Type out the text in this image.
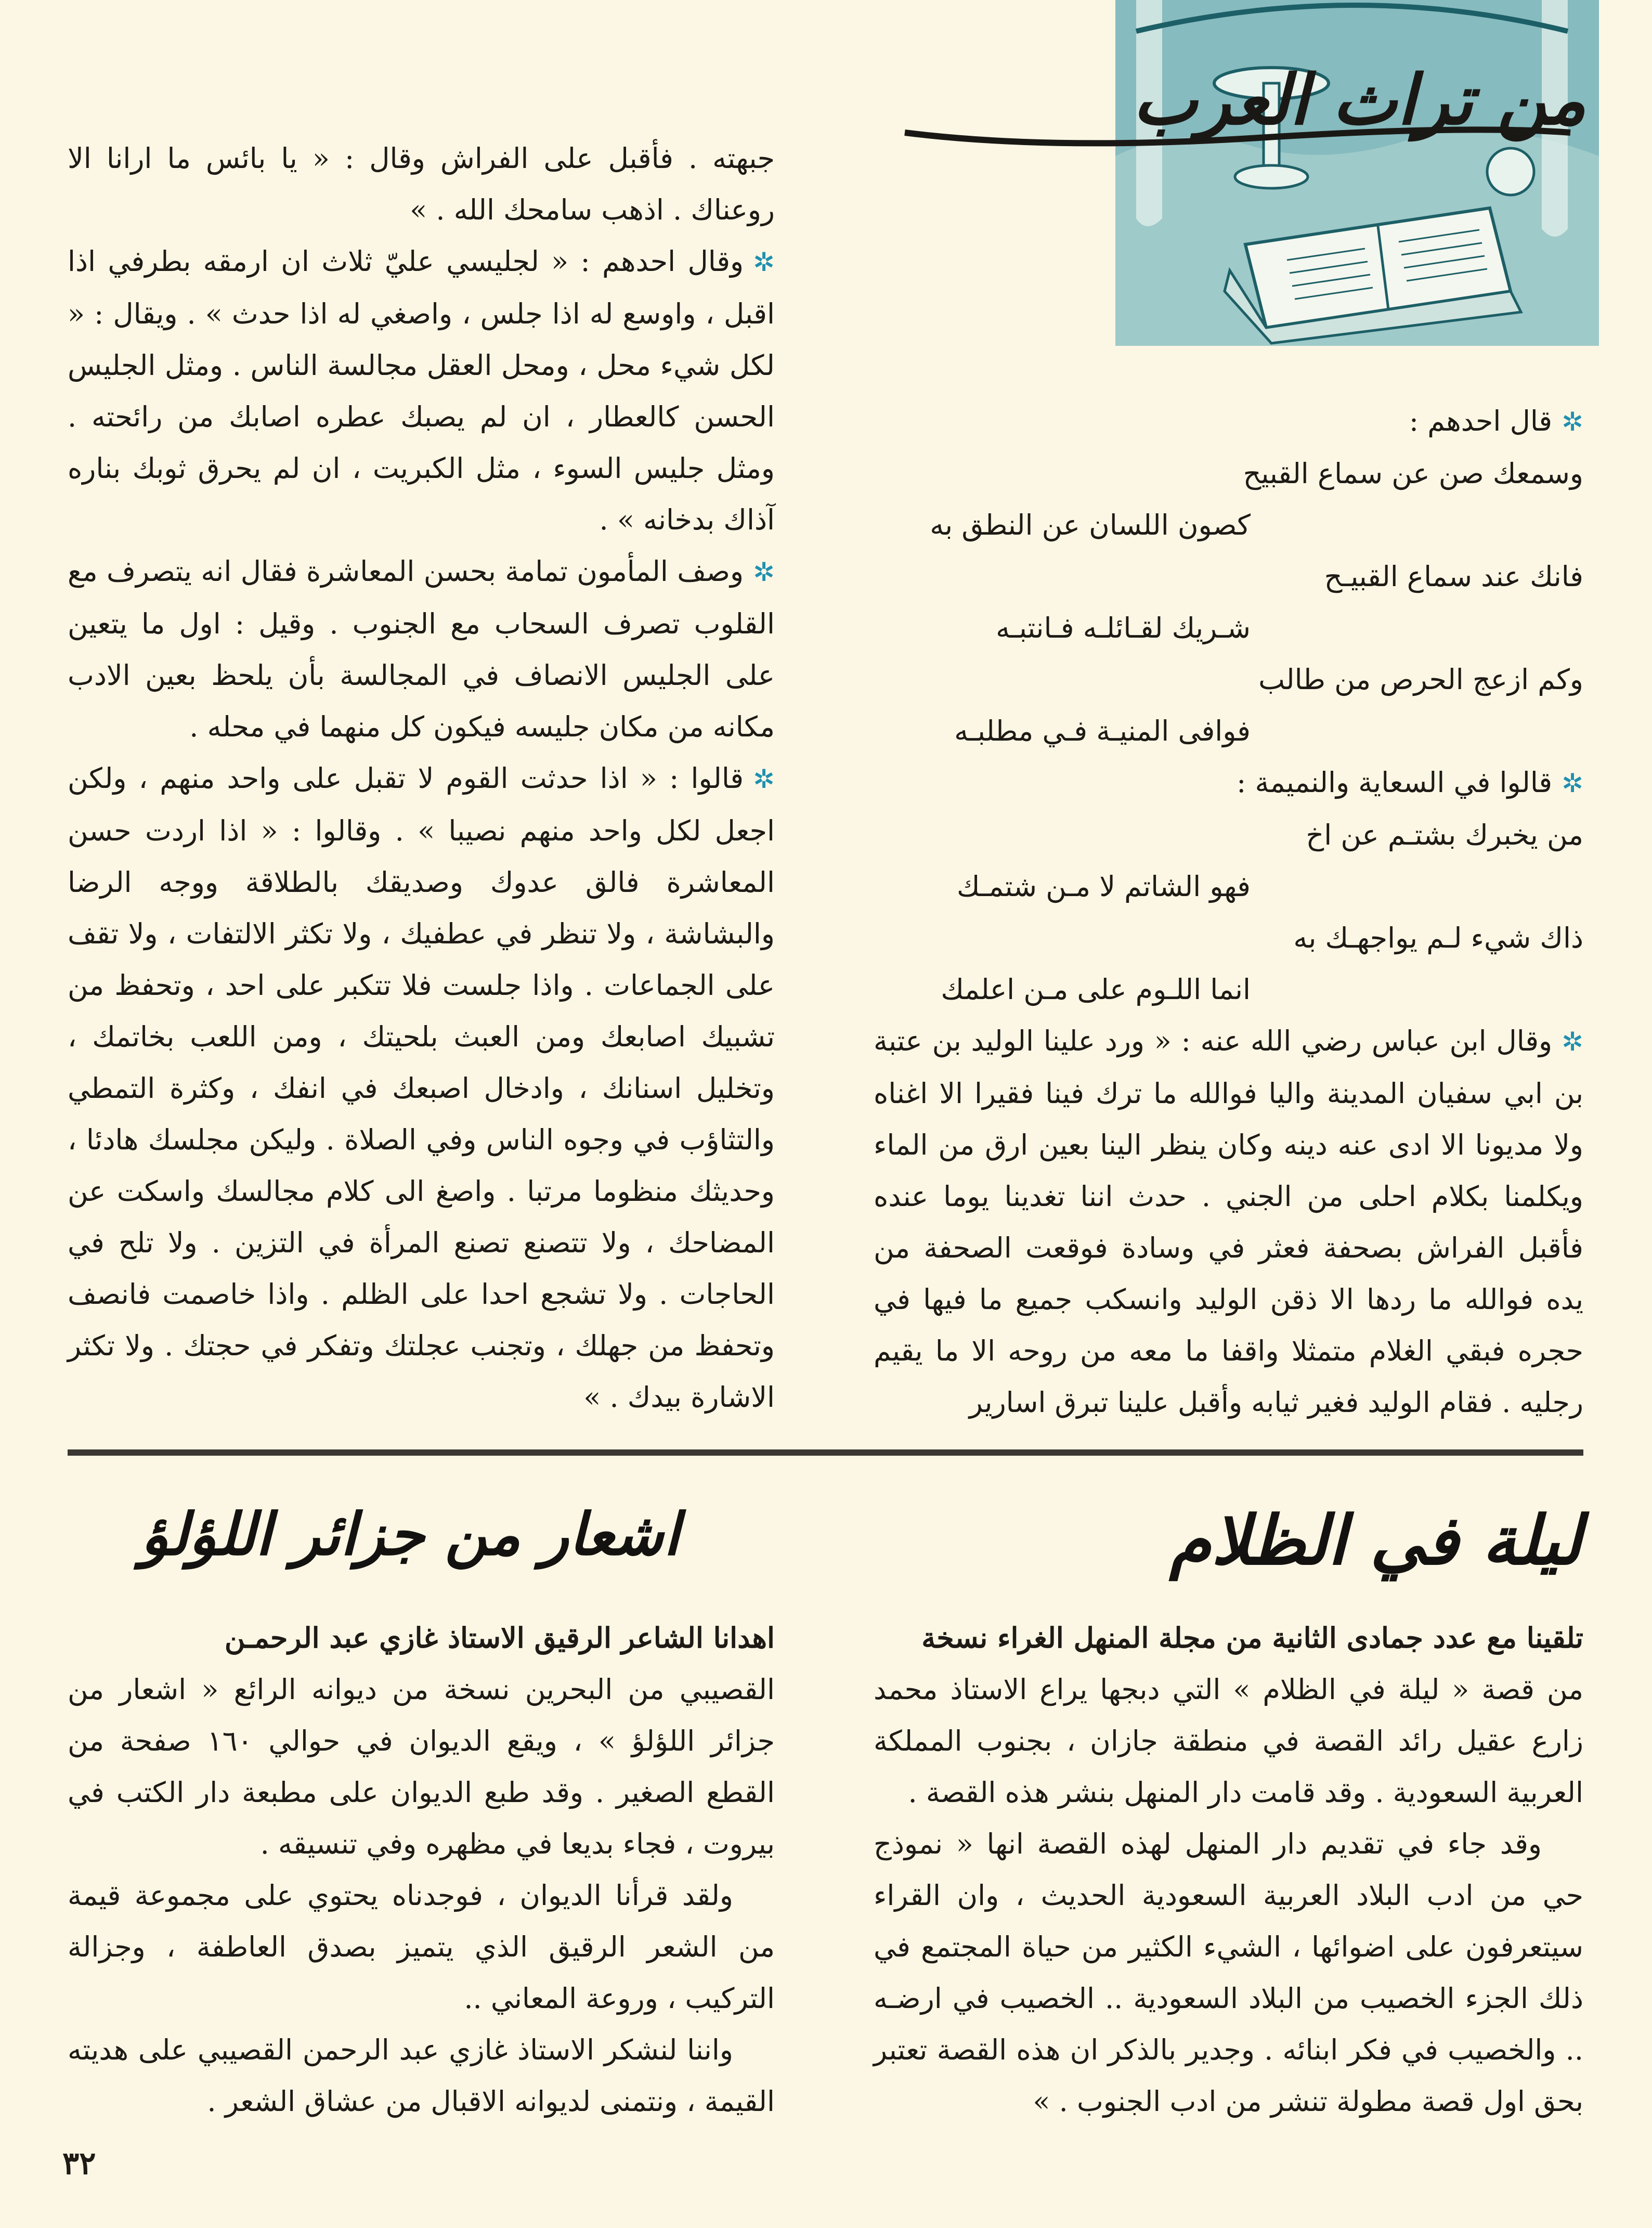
من تراث العرب

✲قال احدهم :

وسمعك صن عن سماع القبيح

كصون اللسان عن النطق به

فانك عند سماع القبيـح

شـريك لقـائلـه فـانتبـه

وكم ازعج الحرص من طالب

فوافى المنيـة فـي مطلبـه

✲قالوا في السعاية والنميمة :

من يخبرك بشتـم عن اخ

فهو الشاتم لا مـن شتمـك

ذاك شيء لـم يواجهـك به

انما اللـوم على مـن اعلمك

✲وقال ابن عباس رضي الله عنه : « ورد علينا الوليد بن عتبة بن ابي سفيان المدينة واليا فوالله ما ترك فينا فقيرا الا اغناه ولا مديونا الا ادى عنه دينه وكان ينظر الينا بعين ارق من الماء ويكلمنا بكلام احلى من الجني . حدث اننا تغدينا يوما عنده فأقبل الفراش بصحفة فعثر في وسادة فوقعت الصحفة من يده فوالله ما ردها الا ذقن الوليد وانسكب جميع ما فيها في حجره فبقي الغلام متمثلا واقفا ما معه من روحه الا ما يقيم رجليه . فقام الوليد فغير ثيابه وأقبل علينا تبرق اسارير

جبهته . فأقبل على الفراش وقال : « يا بائس ما ارانا الا روعناك . اذهب سامحك الله . »

✲وقال احدهم : « لجليسي عليّ ثلاث ان ارمقه بطرفي اذا اقبل ، واوسع له اذا جلس ، واصغي له اذا حدث » . ويقال : « لكل شيء محل ، ومحل العقل مجالسة الناس . ومثل الجليس الحسن كالعطار ، ان لم يصبك عطره اصابك من رائحته . ومثل جليس السوء ، مثل الكبريت ، ان لم يحرق ثوبك بناره آذاك بدخانه » .

✲وصف المأمون تمامة بحسن المعاشرة فقال انه يتصرف مع القلوب تصرف السحاب مع الجنوب . وقيل : اول ما يتعين على الجليس الانصاف في المجالسة بأن يلحظ بعين الادب مكانه من مكان جليسه فيكون كل منهما في محله .

✲قالوا : « اذا حدثت القوم لا تقبل على واحد منهم ، ولكن اجعل لكل واحد منهم نصيبا » . وقالوا : « اذا اردت حسن المعاشرة فالق عدوك وصديقك بالطلاقة ووجه الرضا والبشاشة ، ولا تنظر في عطفيك ، ولا تكثر الالتفات ، ولا تقف على الجماعات . واذا جلست فلا تتكبر على احد ، وتحفظ من تشبيك اصابعك ومن العبث بلحيتك ، ومن اللعب بخاتمك ، وتخليل اسنانك ، وادخال اصبعك في انفك ، وكثرة التمطي والتثاؤب في وجوه الناس وفي الصلاة . وليكن مجلسك هادئا ، وحديثك منظوما مرتبا . واصغ الى كلام مجالسك واسكت عن المضاحك ، ولا تتصنع تصنع المرأة في التزين . ولا تلح في الحاجات . ولا تشجع احدا على الظلم . واذا خاصمت فانصف وتحفظ من جهلك ، وتجنب عجلتك وتفكر في حجتك . ولا تكثر الاشارة بيدك . »

ليلة في الظلام

تلقينا مع عدد جمادى الثانية من مجلة المنهل الغراء نسخة

من قصة « ليلة في الظلام » التي دبجها يراع الاستاذ محمد زارع عقيل رائد القصة في منطقة جازان ، بجنوب المملكة العربية السعودية . وقد قامت دار المنهل بنشر هذه القصة .

وقد جاء في تقديم دار المنهل لهذه القصة انها « نموذج حي من ادب البلاد العربية السعودية الحديث ، وان القراء سيتعرفون على اضوائها ، الشيء الكثير من حياة المجتمع في ذلك الجزء الخصيب من البلاد السعودية .. الخصيب في ارضـه .. والخصيب في فكر ابنائه . وجدير بالذكر ان هذه القصة تعتبر بحق اول قصة مطولة تنشر من ادب الجنوب . »

اشعار من جزائر اللؤلؤ

اهدانا الشاعر الرقيق الاستاذ غازي عبد الرحمـن

القصيبي من البحرين نسخة من ديوانه الرائع « اشعار من جزائر اللؤلؤ » ، ويقع الديوان في حوالي ١٦٠ صفحة من القطع الصغير . وقد طبع الديوان على مطبعة دار الكتب في بيروت ، فجاء بديعا في مظهره وفي تنسيقه .

ولقد قرأنا الديوان ، فوجدناه يحتوي على مجموعة قيمة من الشعر الرقيق الذي يتميز بصدق العاطفة ، وجزالة التركيب ، وروعة المعاني ..

واننا لنشكر الاستاذ غازي عبد الرحمن القصيبي على هديته القيمة ، ونتمنى لديوانه الاقبال من عشاق الشعر .

٣٢
